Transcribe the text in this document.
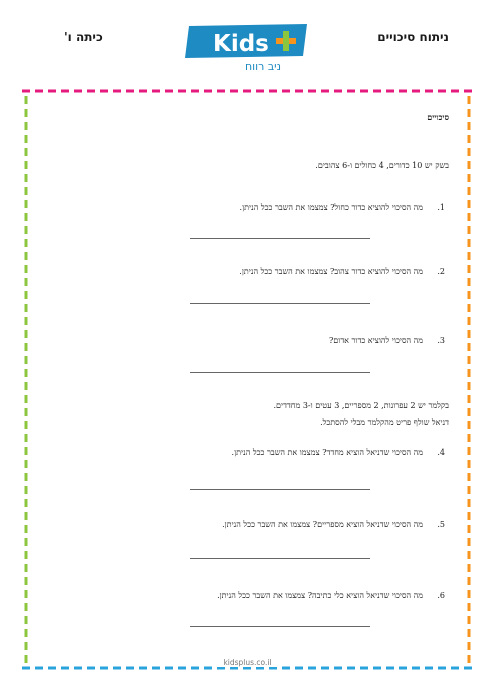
ניתוח סיכויים
כיתה ו'	Kids
ניב רווח
סיכויים
בשק יש 10 כדורים, 4 כחולים ו-6 צהובים.
1.
מה הסיכוי להוציא כדור כחול? צמצמו את השבר ככל הניתן.
2.
מה הסיכוי להוציא כדור צהוב? צמצמו את השבר ככל הניתן.
3.
מה הסיכוי להוציא כדור אדום?
בקלמר יש 2 עפרונות, 2 מספריים, 3 עטים ו-3 מחדדים.
דניאל שולף פריט מהקלמר מבלי להסתכל.
4.
מה הסיכוי שדניאל הוציא מחדד? צמצמו את השבר ככל הניתן.
5.
מה הסיכוי שדניאל הוציא מספריים? צמצמו את השבר ככל הניתן.
6.
מה הסיכוי שדניאל הוציא כלי כתיבה? צמצמו את השבר ככל הניתן.
kidsplus.co.il
